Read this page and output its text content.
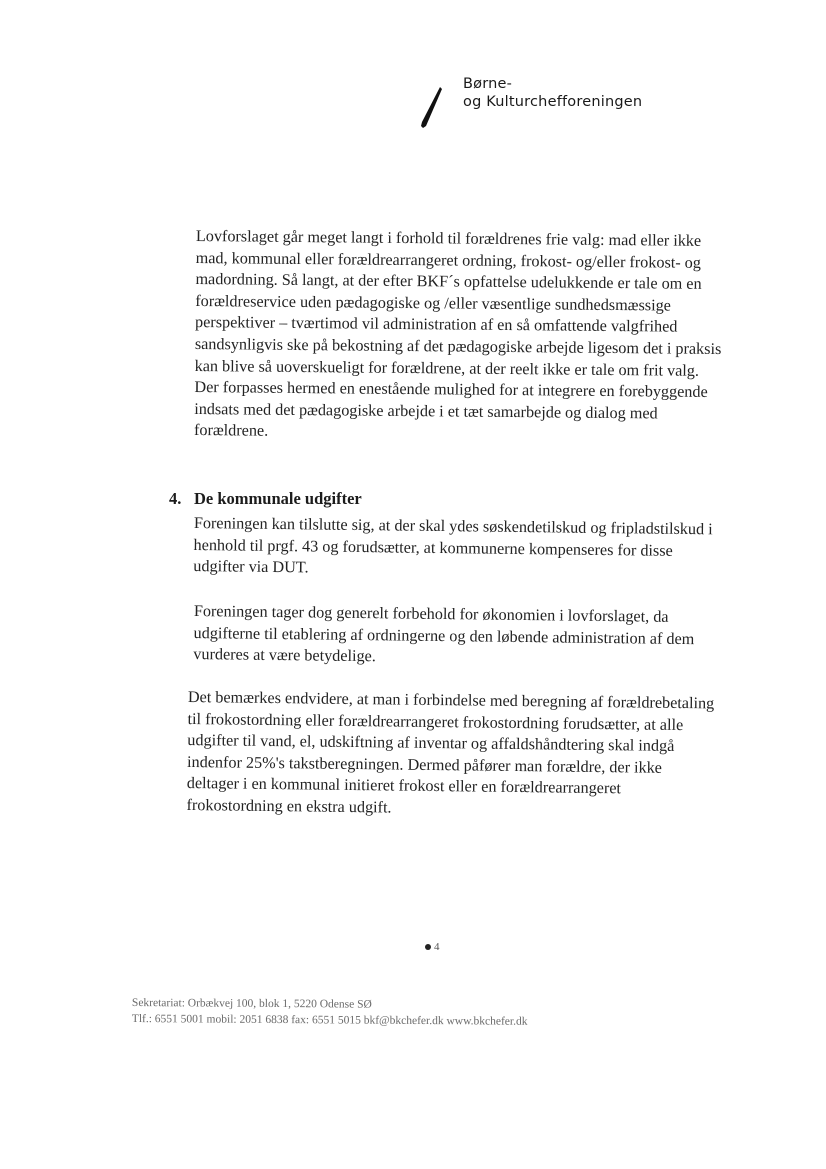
Børne-
og Kulturchefforeningen

Lovforslaget går meget langt i forhold til forældrenes frie valg: mad eller ikke
mad, kommunal eller forældrearrangeret ordning, frokost- og/eller frokost- og
madordning. Så langt, at der efter BKF´s opfattelse udelukkende er tale om en
forældreservice uden pædagogiske og /eller væsentlige sundhedsmæssige
perspektiver – tværtimod vil administration af en så omfattende valgfrihed
sandsynligvis ske på bekostning af det pædagogiske arbejde ligesom det i praksis
kan blive så uoverskueligt for forældrene, at der reelt ikke er tale om frit valg.
Der forpasses hermed en enestående mulighed for at integrere en forebyggende
indsats med det pædagogiske arbejde i et tæt samarbejde og dialog med
forældrene.

4. De kommunale udgifter

Foreningen kan tilslutte sig, at der skal ydes søskendetilskud og fripladstilskud i
henhold til prgf. 43 og forudsætter, at kommunerne kompenseres for disse
udgifter via DUT.

Foreningen tager dog generelt forbehold for økonomien i lovforslaget, da
udgifterne til etablering af ordningerne og den løbende administration af dem
vurderes at være betydelige.

Det bemærkes endvidere, at man i forbindelse med beregning af forældrebetaling
til frokostordning eller forældrearrangeret frokostordning forudsætter, at alle
udgifter til vand, el, udskiftning af inventar og affaldshåndtering skal indgå
indenfor 25%'s takstberegningen. Dermed påfører man forældre, der ikke
deltager i en kommunal initieret frokost eller en forældrearrangeret
frokostordning en ekstra udgift.

4
Sekretariat: Orbækvej 100, blok 1, 5220 Odense SØ
Tlf.: 6551 5001 mobil: 2051 6838 fax: 6551 5015 bkf@bkchefer.dk www.bkchefer.dk
